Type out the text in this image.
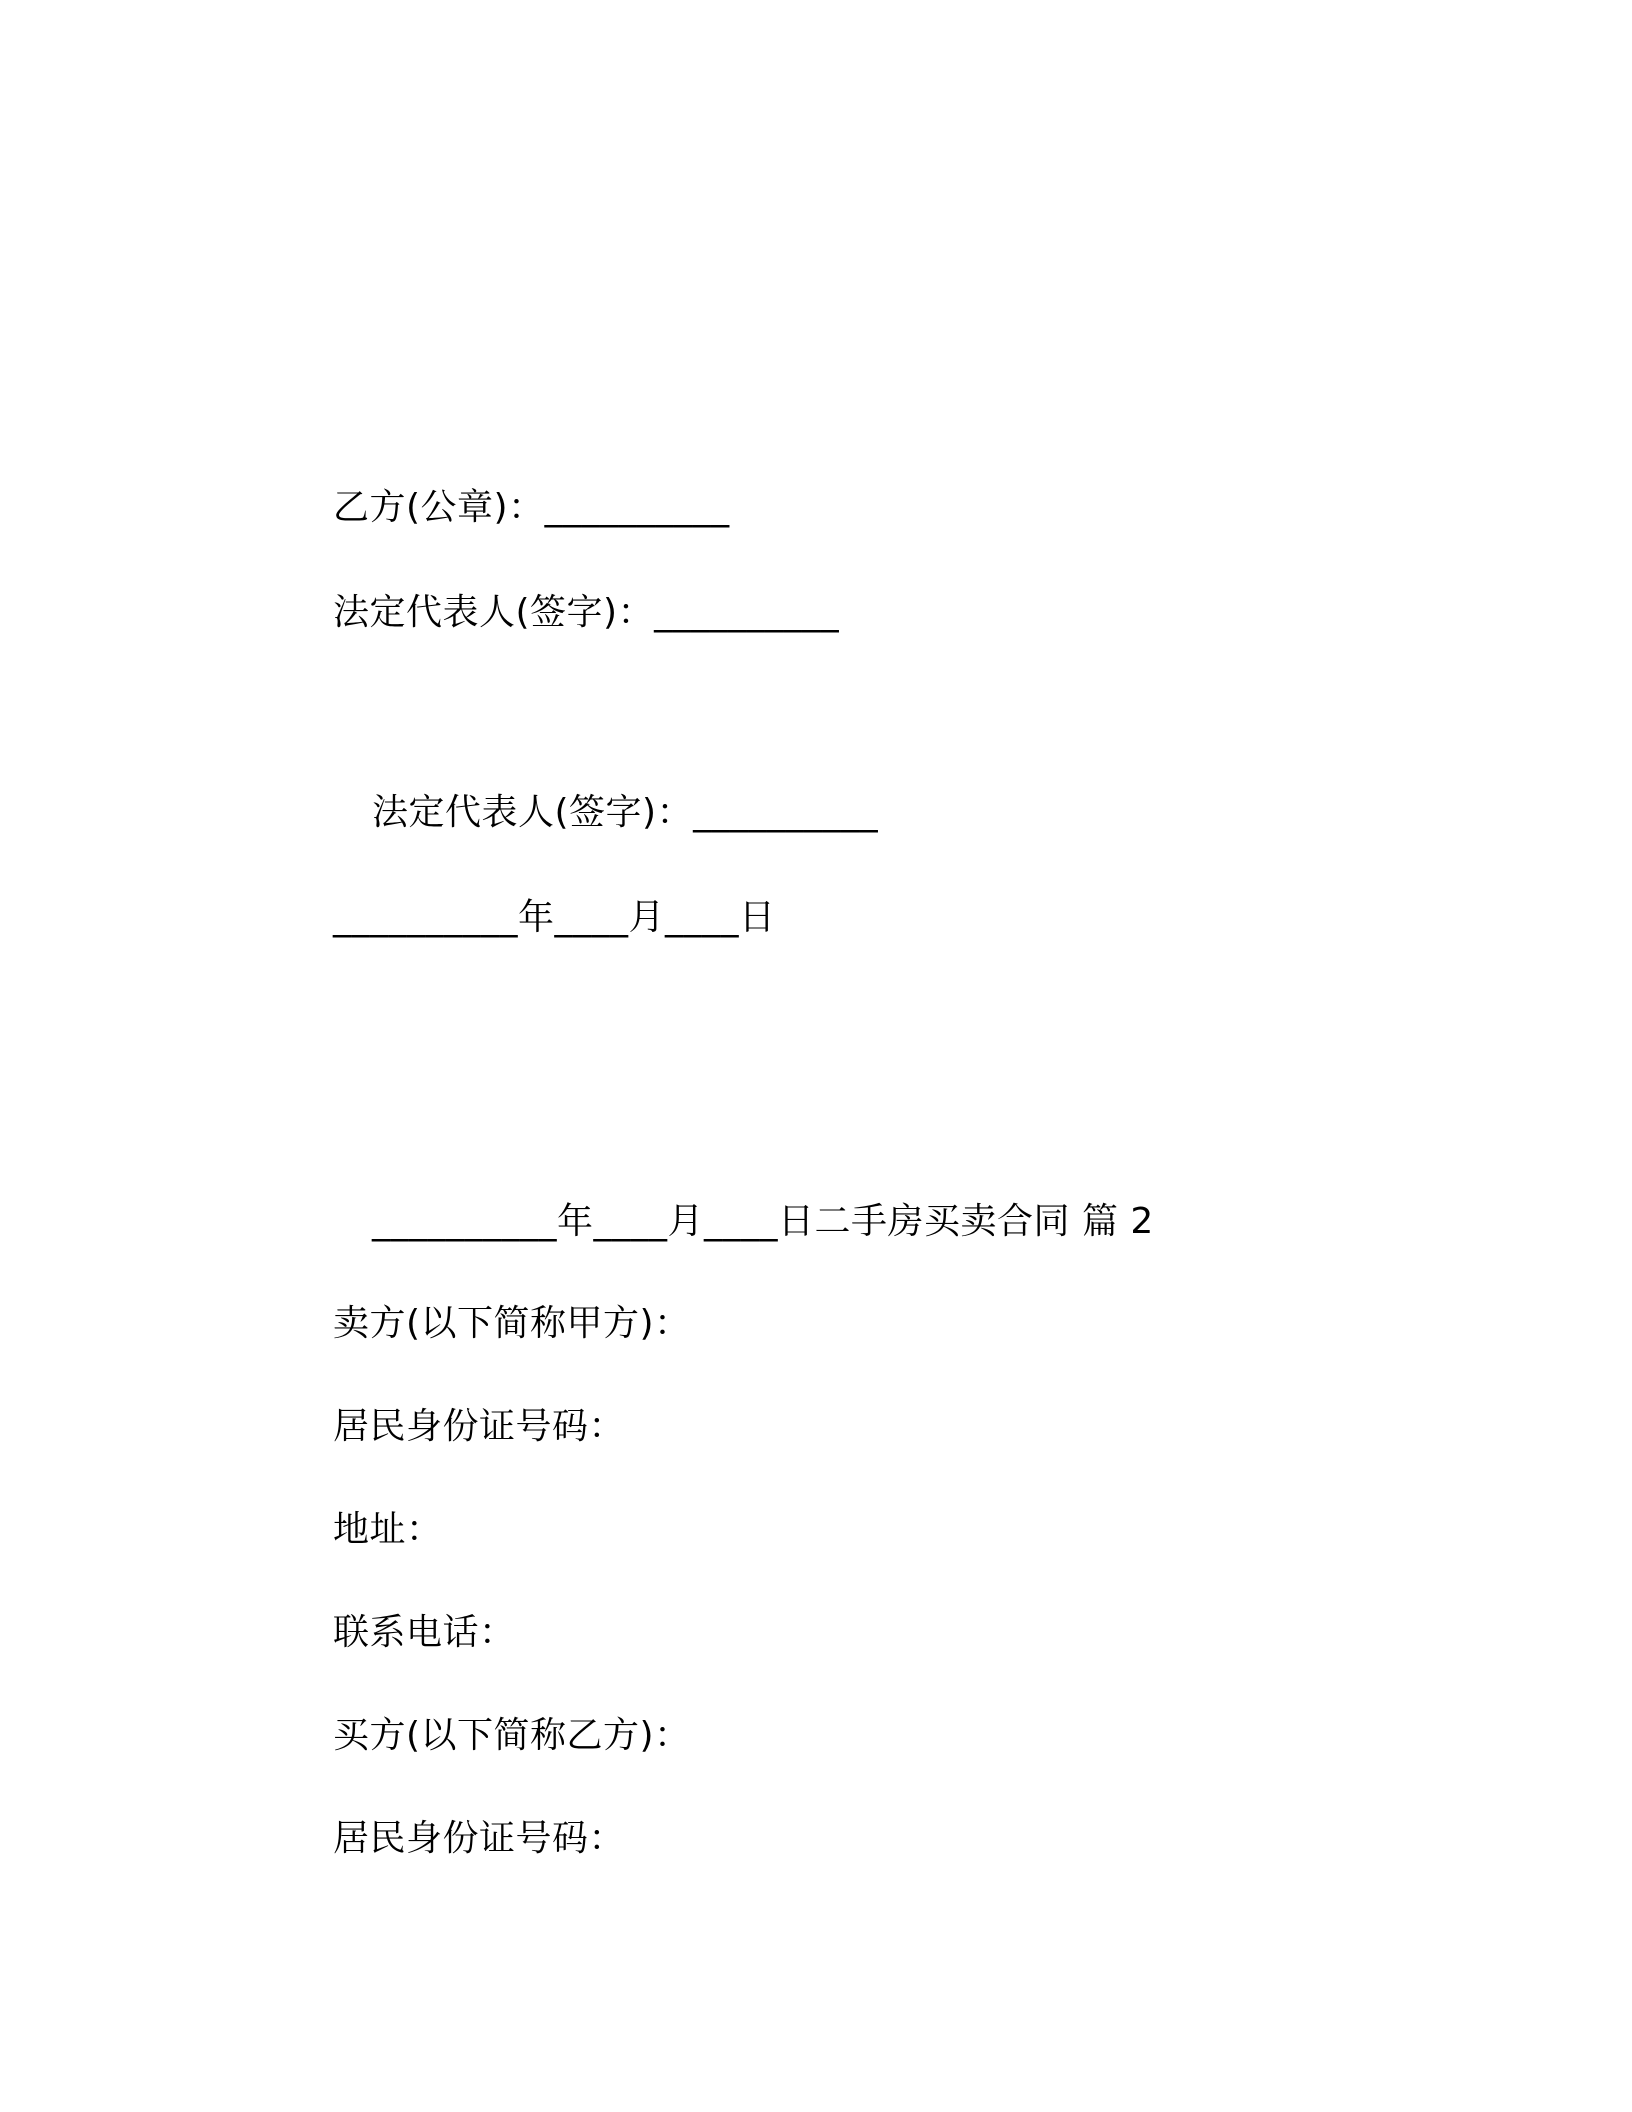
乙方(公章)：__________

法定代表人(签字)：__________

法定代表人(签字)：__________

__________年____月____日

__________年____月____日二手房买卖合同 篇 2

卖方(以下简称甲方)：

居民身份证号码：

地址：

联系电话：

买方(以下简称乙方)：

居民身份证号码：
